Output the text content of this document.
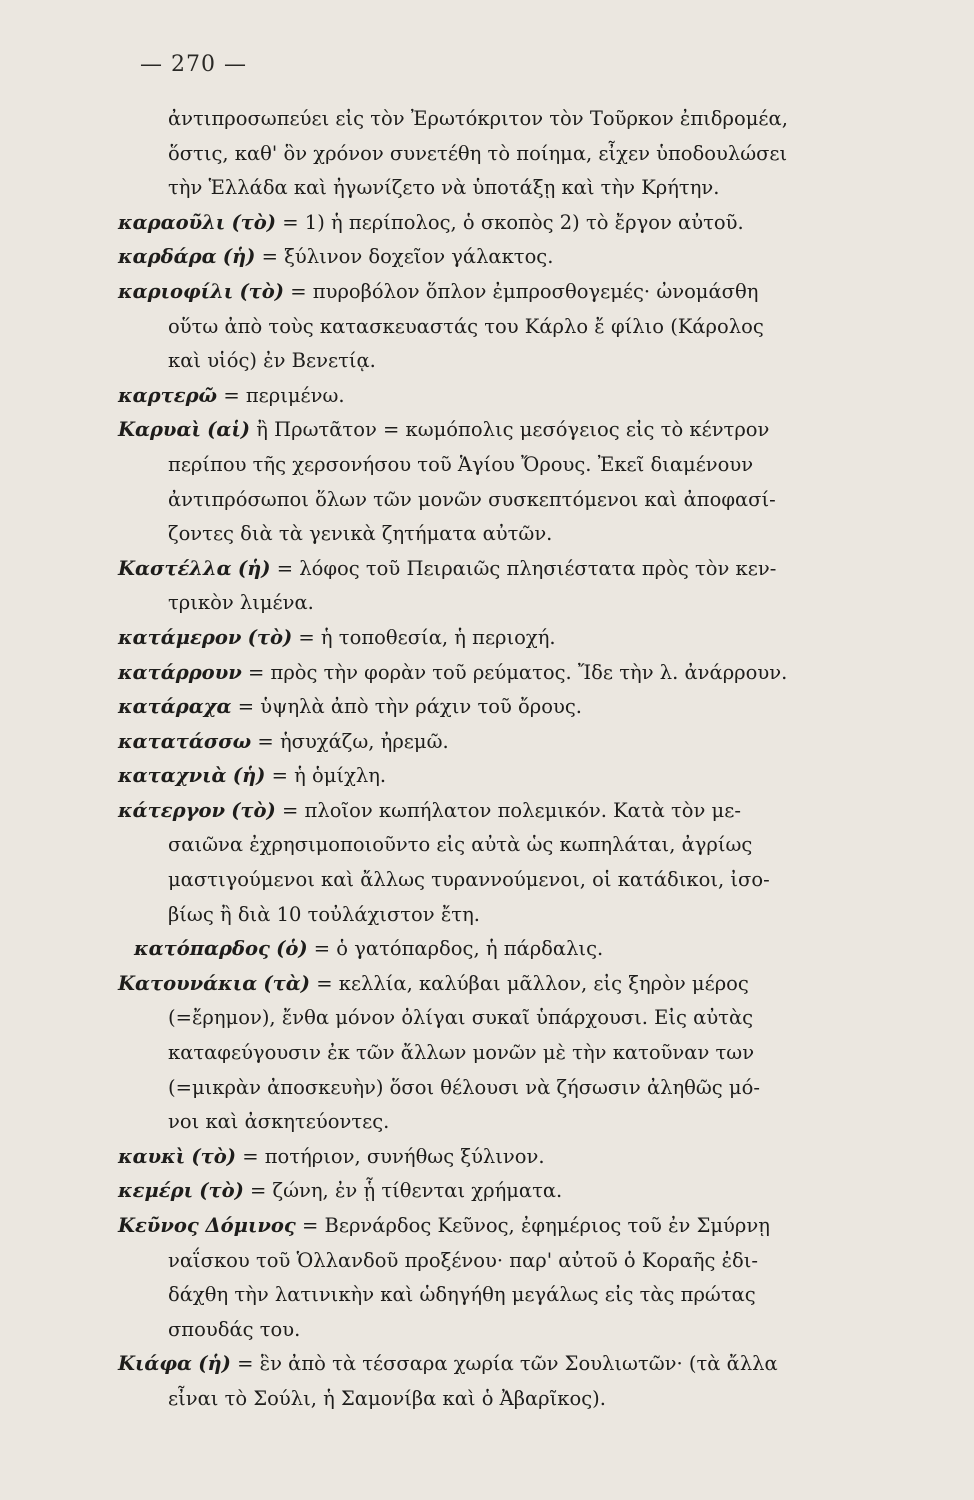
— 270 —

ἀντιπροσωπεύει εἰς τὸν Ἐρωτόκριτον τὸν Τοῦρκον ἐπιδρομέα,
ὅστις, καθ' ὃν χρόνον συνετέθη τὸ ποίημα, εἶχεν ὑποδουλώσει
τὴν Ἑλλάδα καὶ ἠγωνίζετο νὰ ὑποτάξῃ καὶ τὴν Κρήτην.

καραοῦλι (τὸ) = 1) ἡ περίπολος, ὁ σκοπὸς 2) τὸ ἔργον αὐτοῦ.

καρδάρα (ἡ) = ξύλινον δοχεῖον γάλακτος.

καριοφίλι (τὸ) = πυροβόλον ὅπλον ἐμπροσθογεμές· ὠνομάσθη
οὕτω ἀπὸ τοὺς κατασκευαστάς του Κάρλο ἔ φίλιο (Κάρολος
καὶ υἱός) ἐν Βενετίᾳ.

καρτερῶ = περιμένω.

Καρυαὶ (αἱ) ἢ Πρωτᾶτον = κωμόπολις μεσόγειος εἰς τὸ κέντρον
περίπου τῆς χερσονήσου τοῦ Ἁγίου Ὄρους. Ἐκεῖ διαμένουν
ἀντιπρόσωποι ὅλων τῶν μονῶν συσκεπτόμενοι καὶ ἀποφασί-
ζοντες διὰ τὰ γενικὰ ζητήματα αὐτῶν.

Καστέλλα (ἡ) = λόφος τοῦ Πειραιῶς πλησιέστατα πρὸς τὸν κεν-
τρικὸν λιμένα.

κατάμερον (τὸ) = ἡ τοποθεσία, ἡ περιοχή.

κατάρρουν = πρὸς τὴν φορὰν τοῦ ρεύματος. Ἴδε τὴν λ. ἀνάρρουν.

κατάραχα = ὑψηλὰ ἀπὸ τὴν ράχιν τοῦ ὄρους.

κατατάσσω = ἡσυχάζω, ἠρεμῶ.

καταχνιὰ (ἡ) = ἡ ὁμίχλη.

κάτεργον (τὸ) = πλοῖον κωπήλατον πολεμικόν. Κατὰ τὸν με-
σαιῶνα ἐχρησιμοποιοῦντο εἰς αὐτὰ ὡς κωπηλάται, ἀγρίως
μαστιγούμενοι καὶ ἄλλως τυραννούμενοι, οἱ κατάδικοι, ἰσο-
βίως ἢ διὰ 10 τοὐλάχιστον ἔτη.

κατόπαρδος (ὁ) = ὁ γατόπαρδος, ἡ πάρδαλις.

Κατουνάκια (τὰ) = κελλία, καλύβαι μᾶλλον, εἰς ξηρὸν μέρος
(=ἔρημον), ἔνθα μόνον ὀλίγαι συκαῖ ὑπάρχουσι. Εἰς αὐτὰς
καταφεύγουσιν ἐκ τῶν ἄλλων μονῶν μὲ τὴν κατοῦναν των
(=μικρὰν ἀποσκευὴν) ὅσοι θέλουσι νὰ ζήσωσιν ἀληθῶς μό-
νοι καὶ ἀσκητεύοντες.

καυκὶ (τὸ) = ποτήριον, συνήθως ξύλινον.

κεμέρι (τὸ) = ζώνη, ἐν ᾗ τίθενται χρήματα.

Κεῦνος Δόμινος = Βερνάρδος Κεῦνος, ἐφημέριος τοῦ ἐν Σμύρνῃ
ναΐσκου τοῦ Ὁλλανδοῦ προξένου· παρ' αὐτοῦ ὁ Κοραῆς ἐδι-
δάχθη τὴν λατινικὴν καὶ ὡδηγήθη μεγάλως εἰς τὰς πρώτας
σπουδάς του.

Κιάφα (ἡ) = ἓν ἀπὸ τὰ τέσσαρα χωρία τῶν Σουλιωτῶν· (τὰ ἄλλα
εἶναι τὸ Σούλι, ἡ Σαμονίβα καὶ ὁ Ἀβαρῖκος).
